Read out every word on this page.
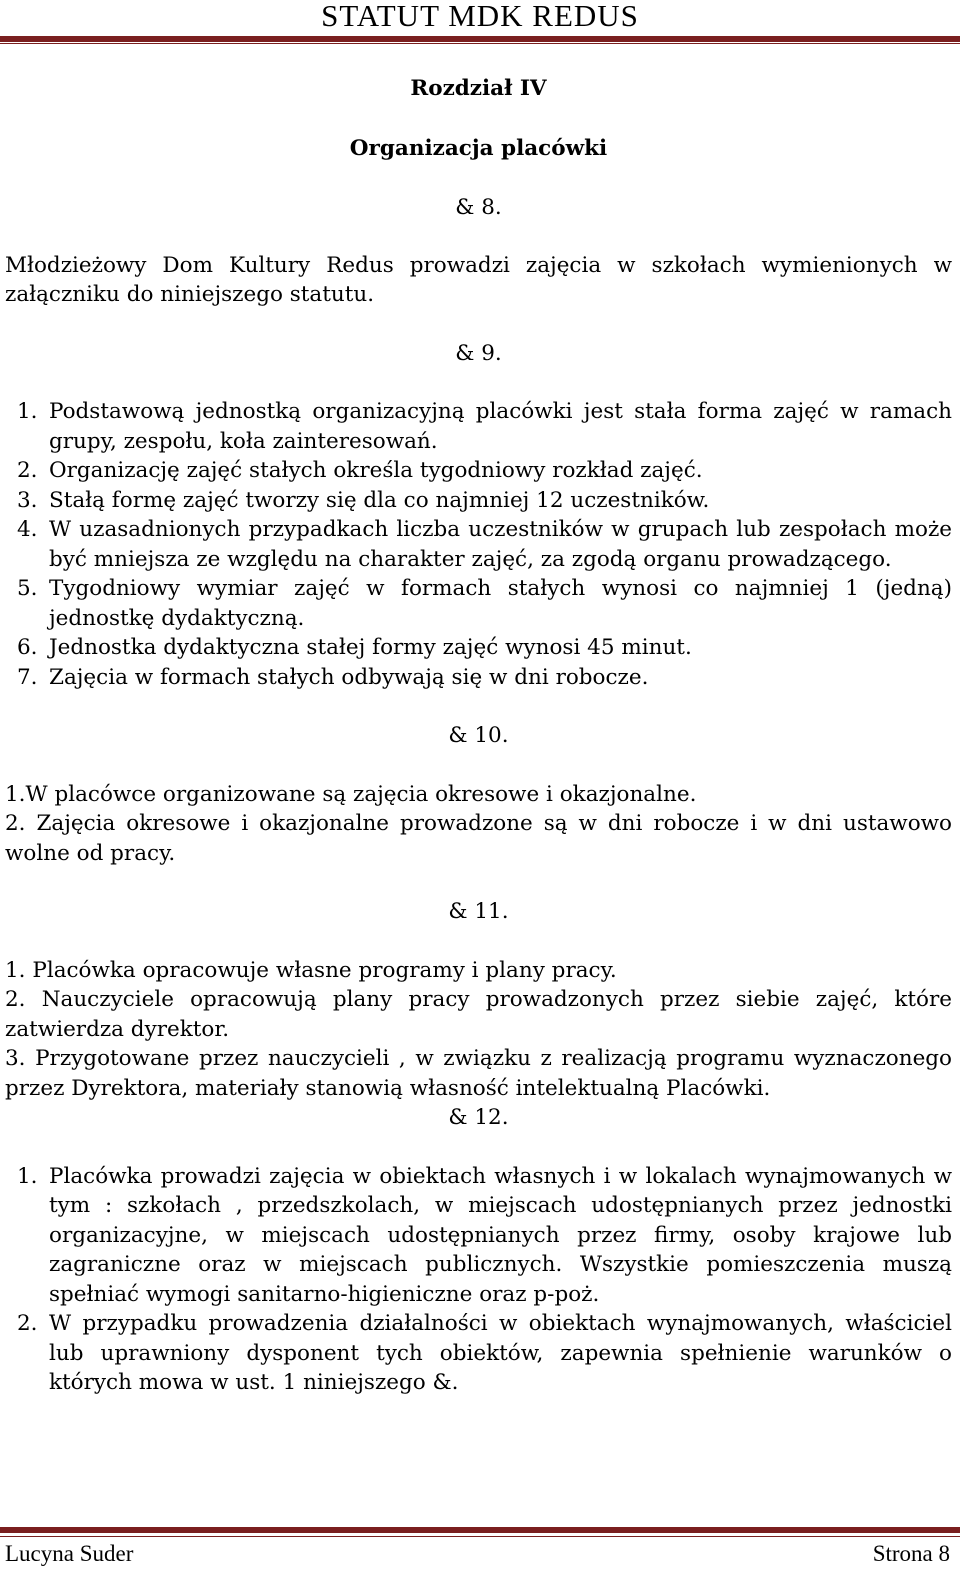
STATUT MDK REDUS

Rozdział IV

Organizacja placówki

& 8.

Młodzieżowy Dom Kultury Redus prowadzi zajęcia w szkołach wymienionych w załączniku do niniejszego statutu.

& 9.

1. Podstawową jednostką organizacyjną placówki jest stała forma zajęć w ramach grupy, zespołu, koła zainteresowań.
2. Organizację zajęć stałych określa tygodniowy rozkład zajęć.
3. Stałą formę zajęć tworzy się dla co najmniej 12 uczestników.
4. W uzasadnionych przypadkach liczba uczestników w grupach lub zespołach może być mniejsza ze względu na charakter zajęć, za zgodą organu prowadzącego.
5. Tygodniowy wymiar zajęć w formach stałych wynosi co najmniej 1 (jedną) jednostkę dydaktyczną.
6. Jednostka dydaktyczna stałej formy zajęć wynosi 45 minut.
7. Zajęcia w formach stałych odbywają się w dni robocze.

& 10.

1.W placówce organizowane są zajęcia okresowe i okazjonalne.

2. Zajęcia okresowe i okazjonalne prowadzone są w dni robocze i w dni ustawowo wolne od pracy.

& 11.

1. Placówka opracowuje własne programy i plany pracy.

2. Nauczyciele opracowują plany pracy prowadzonych przez siebie zajęć, które zatwierdza dyrektor.

3. Przygotowane przez nauczycieli , w związku z realizacją programu wyznaczonego przez Dyrektora, materiały stanowią własność intelektualną Placówki.

& 12.

1. Placówka prowadzi zajęcia w obiektach własnych i w lokalach wynajmowanych w tym : szkołach , przedszkolach, w miejscach udostępnianych przez jednostki organizacyjne, w miejscach udostępnianych przez firmy, osoby krajowe lub zagraniczne oraz w miejscach publicznych. Wszystkie pomieszczenia muszą spełniać wymogi sanitarno-higieniczne oraz p-poż.
2. W przypadku prowadzenia działalności w obiektach wynajmowanych, właściciel lub uprawniony dysponent tych obiektów, zapewnia spełnienie warunków o których mowa w ust. 1 niniejszego &.
Lucyna Suder	Strona 8
